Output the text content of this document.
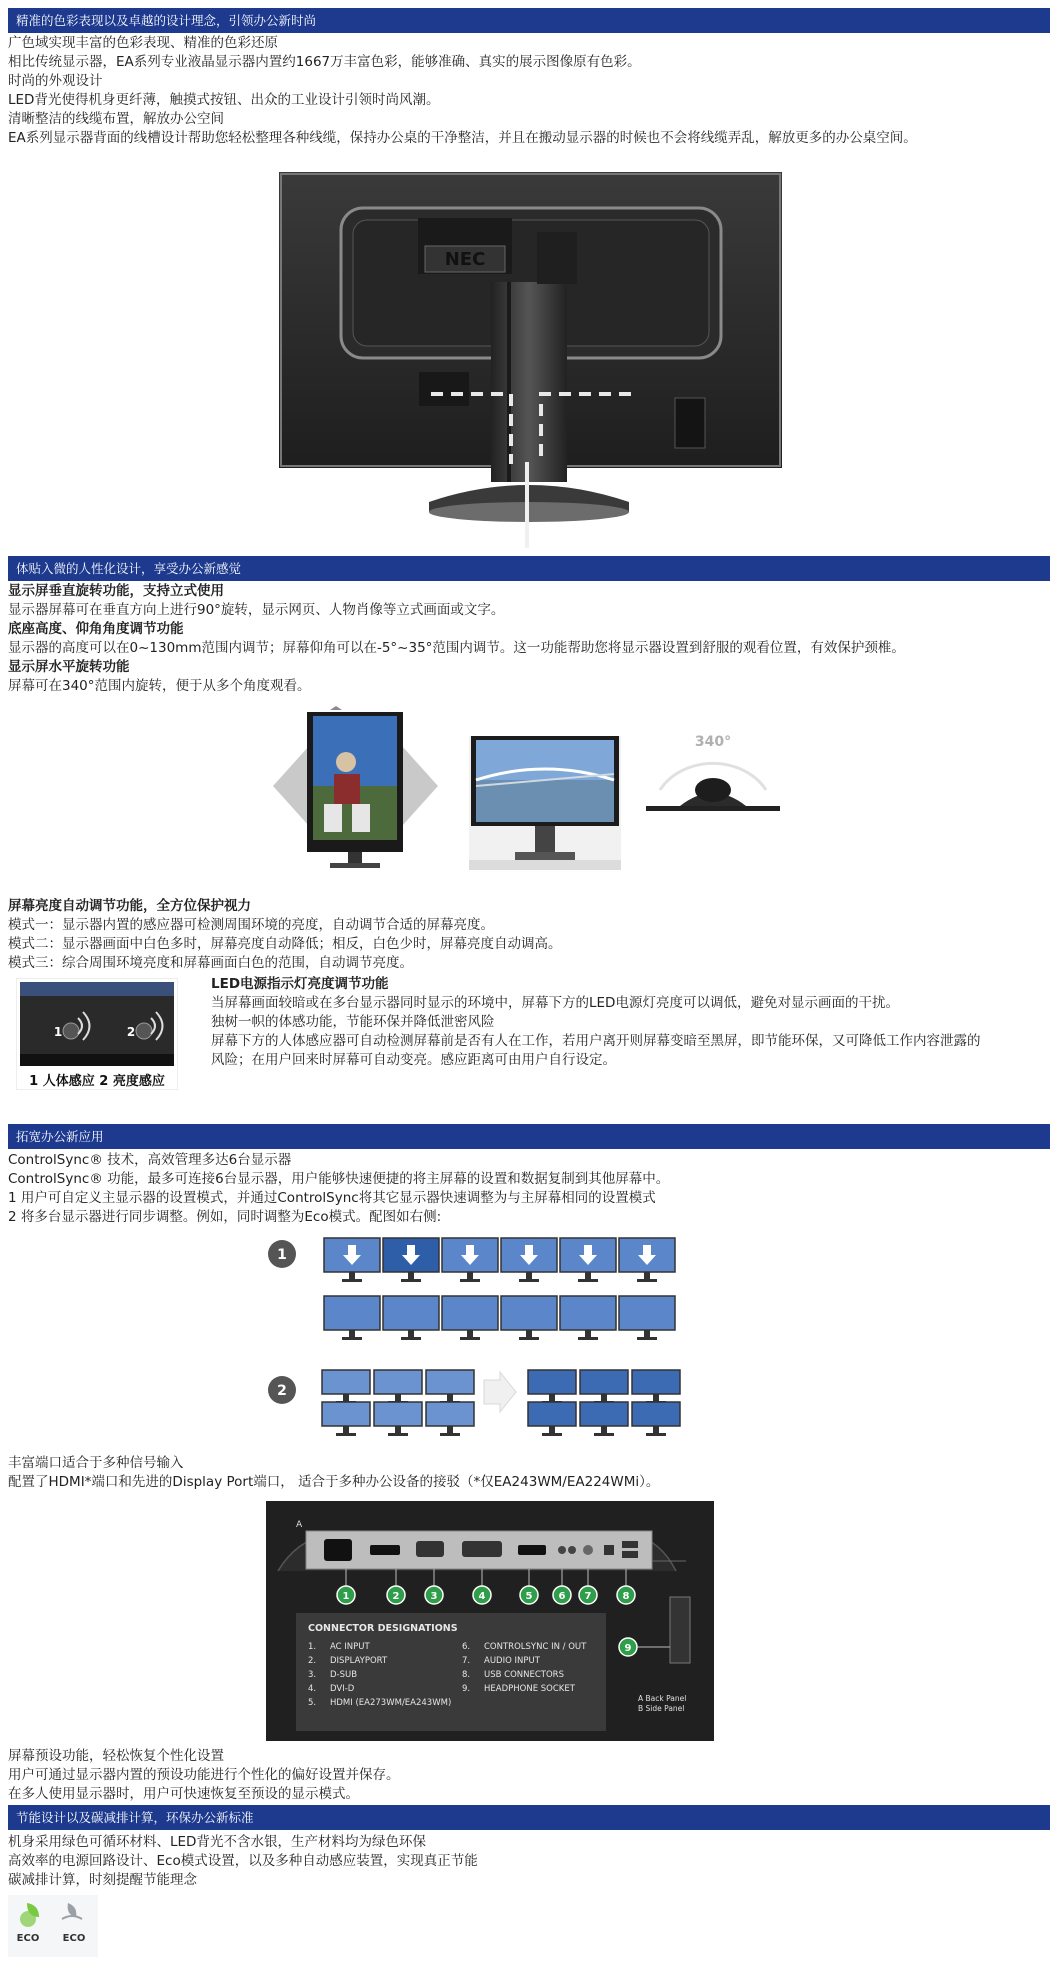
精准的色彩表现以及卓越的设计理念，引领办公新时尚
广色域实现丰富的色彩表现、精准的色彩还原
相比传统显示器，EA系列专业液晶显示器内置约1667万丰富色彩，能够准确、真实的展示图像原有色彩。
时尚的外观设计
LED背光使得机身更纤薄，触摸式按钮、出众的工业设计引领时尚风潮。
清晰整洁的线缆布置，解放办公空间
EA系列显示器背面的线槽设计帮助您轻松整理各种线缆，保持办公桌的干净整洁，并且在搬动显示器的时候也不会将线缆弄乱，解放更多的办公桌空间。
NEC
体贴入微的人性化设计，享受办公新感觉
显示屏垂直旋转功能，支持立式使用
显示器屏幕可在垂直方向上进行90°旋转，显示网页、人物肖像等立式画面或文字。
底座高度、仰角角度调节功能
显示器的高度可以在0~130mm范围内调节；屏幕仰角可以在-5°~35°范围内调节。这一功能帮助您将显示器设置到舒服的观看位置，有效保护颈椎。
显示屏水平旋转功能
屏幕可在340°范围内旋转，便于从多个角度观看。
340°
屏幕亮度自动调节功能，全方位保护视力
模式一：显示器内置的感应器可检测周围环境的亮度，自动调节合适的屏幕亮度。
模式二：显示器画面中白色多时，屏幕亮度自动降低；相反，白色少时，屏幕亮度自动调高。
模式三：综合周围环境亮度和屏幕画面白色的范围，自动调节亮度。
1	2
1 人体感应 2 亮度感应
LED电源指示灯亮度调节功能
当屏幕画面较暗或在多台显示器同时显示的环境中，屏幕下方的LED电源灯亮度可以调低，避免对显示画面的干扰。
独树一帜的体感功能，节能环保并降低泄密风险
屏幕下方的人体感应器可自动检测屏幕前是否有人在工作，若用户离开则屏幕变暗至黑屏，即节能环保，又可降低工作内容泄露的
风险；在用户回来时屏幕可自动变亮。感应距离可由用户自行设定。
拓宽办公新应用
ControlSync® 技术，高效管理多达6台显示器
ControlSync® 功能，最多可连接6台显示器，用户能够快速便捷的将主屏幕的设置和数据复制到其他屏幕中。
1 用户可自定义主显示器的设置模式，并通过ControlSync将其它显示器快速调整为与主屏幕相同的设置模式
2 将多台显示器进行同步调整。例如，同时调整为Eco模式。配图如右侧:
1
2
丰富端口适合于多种信号输入
配置了HDMI*端口和先进的Display Port端口， 适合于多种办公设备的接驳（*仅EA243WM/EA224WMi）。
A
1	2	3	4	5	6 7	8
9
CONNECTOR DESIGNATIONS
1. AC INPUT
2. DISPLAYPORT
3. D-SUB
4. DVI-D
5. HDMI (EA273WM/EA243WM)
6. CONTROLSYNC IN / OUT
7. AUDIO INPUT
8. USB CONNECTORS
9. HEADPHONE SOCKET
A Back Panel
B Side Panel
屏幕预设功能，轻松恢复个性化设置
用户可通过显示器内置的预设功能进行个性化的偏好设置并保存。
在多人使用显示器时，用户可快速恢复至预设的显示模式。
节能设计以及碳减排计算，环保办公新标准
机身采用绿色可循环材料、LED背光不含水银，生产材料均为绿色环保
高效率的电源回路设计、Eco模式设置，以及多种自动感应装置，实现真正节能
碳减排计算，时刻提醒节能理念
ECO ECO
